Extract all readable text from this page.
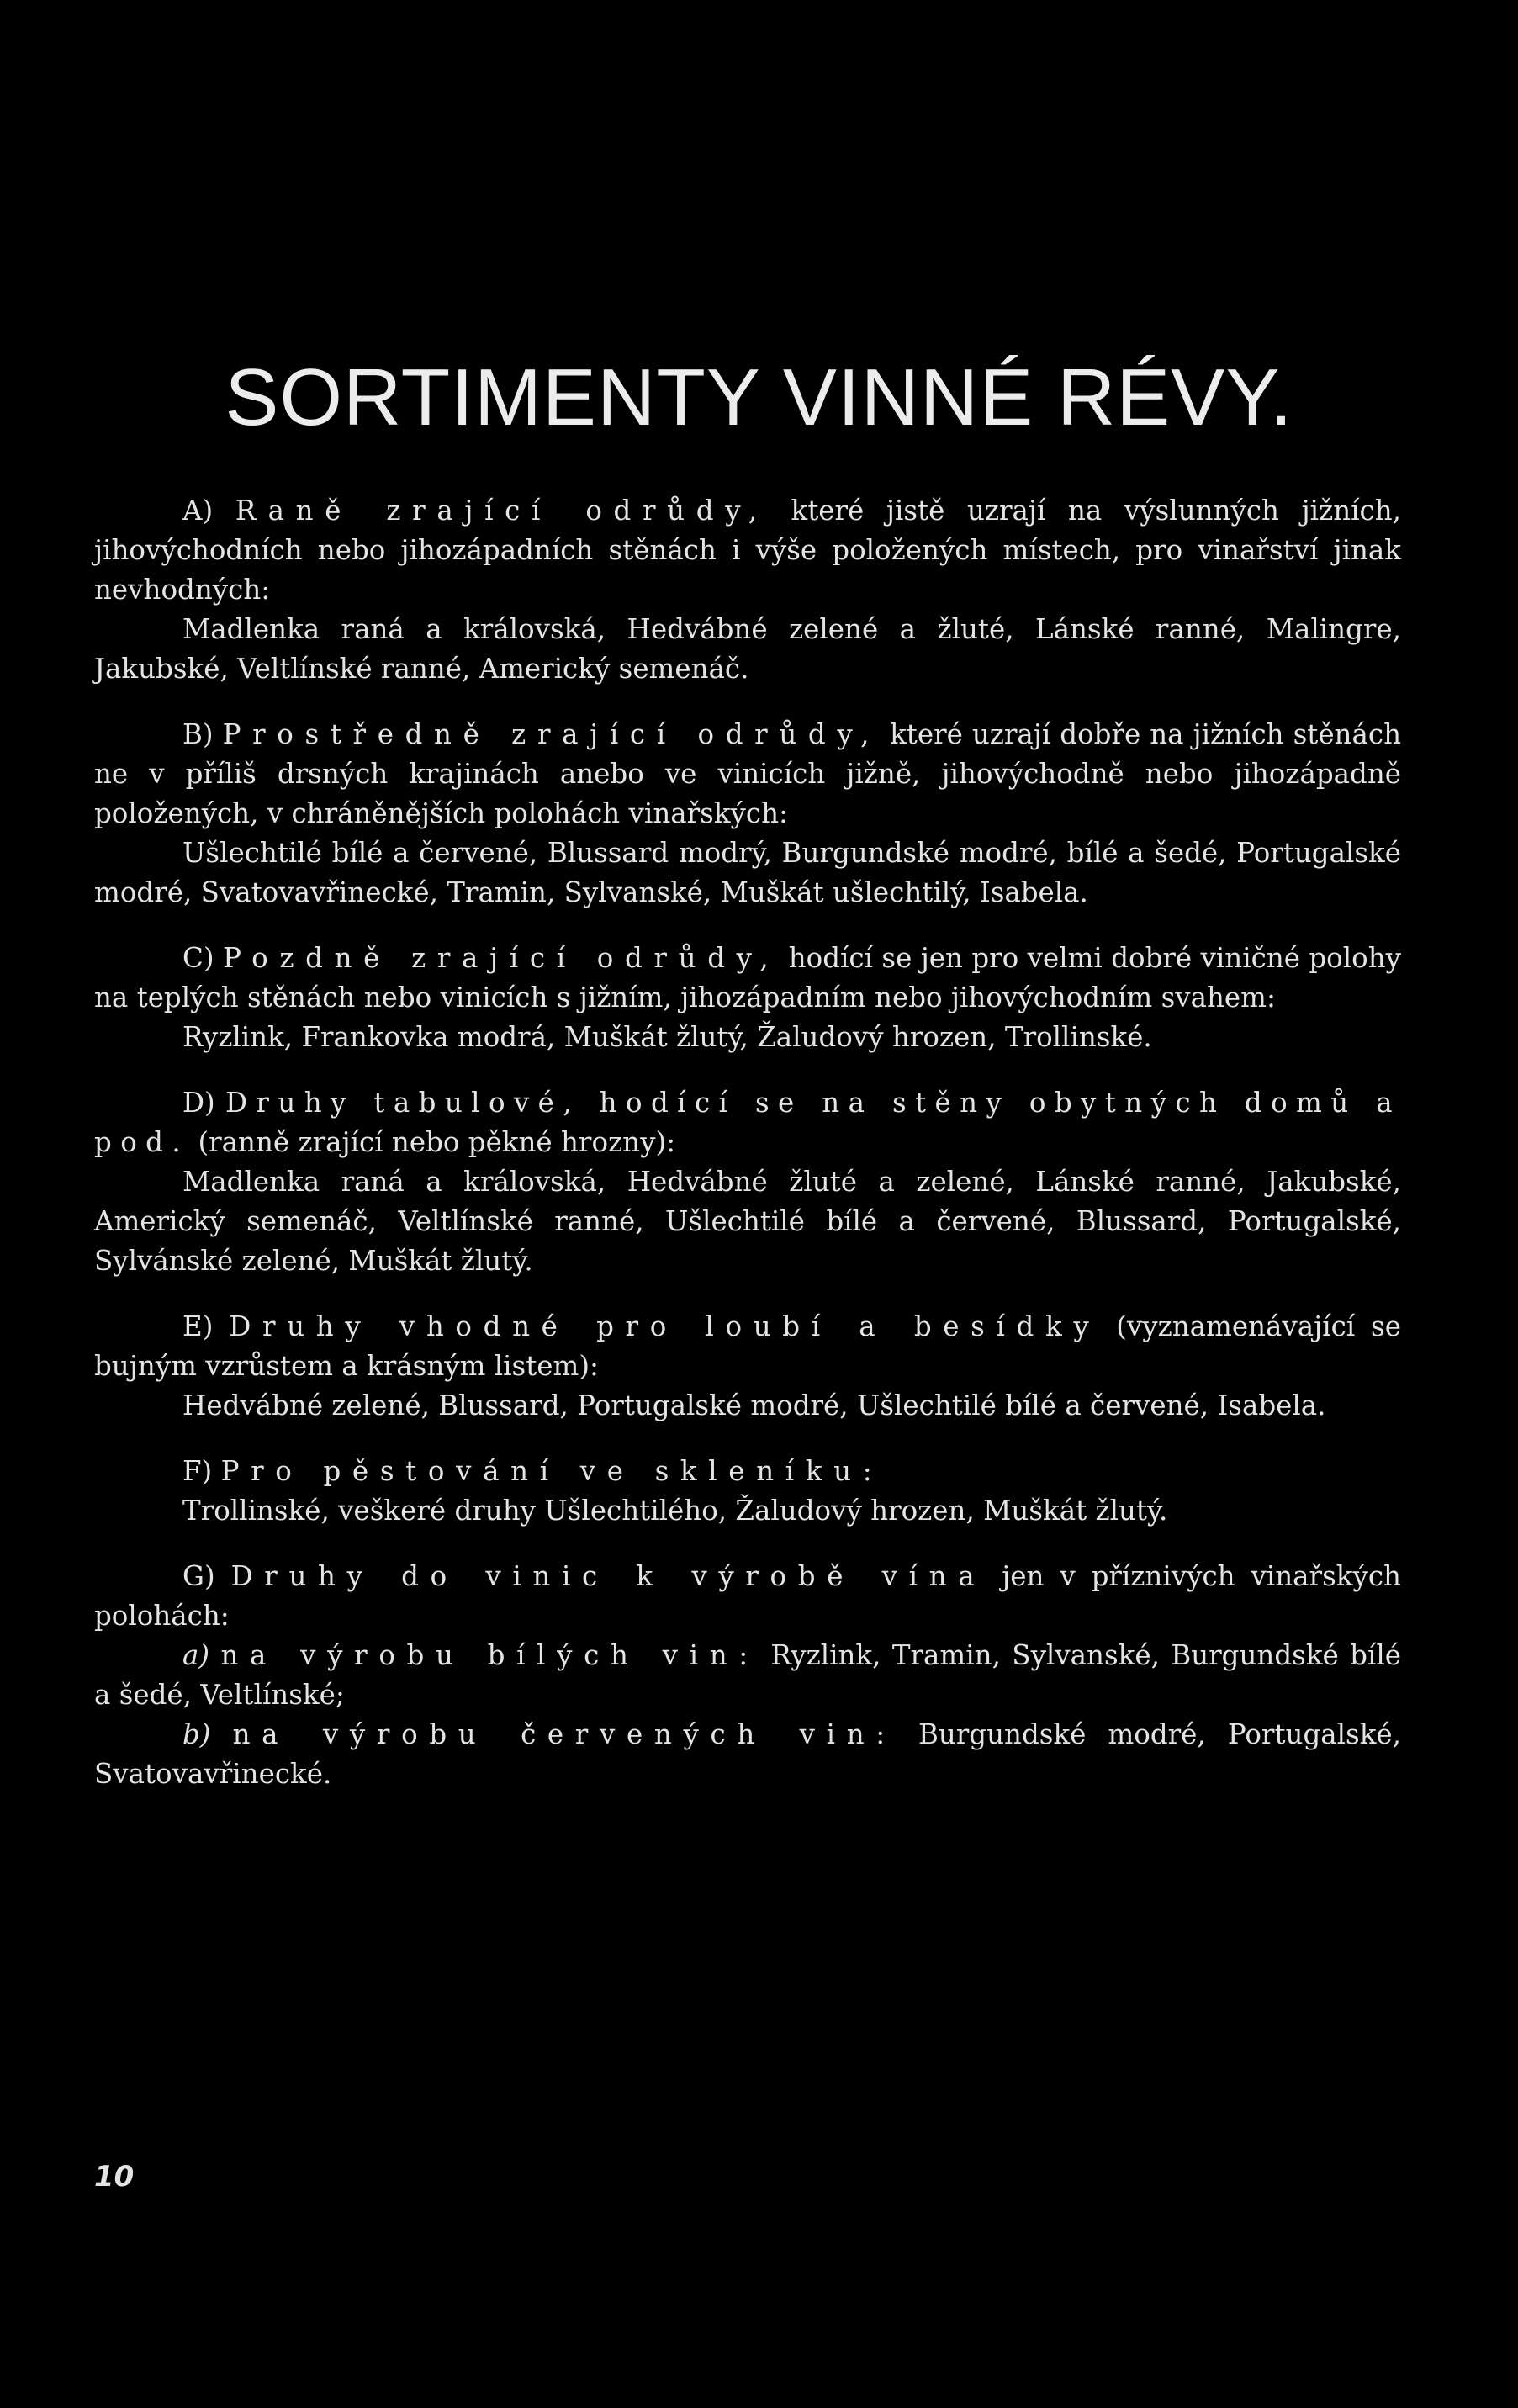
SORTIMENTY VINNÉ RÉVY.

A) Raně zrající odrůdy, které jistě uzrají na výslunných jižních, jihovýchodních nebo jihozápadních stěnách i výše položených místech, pro vinařství jinak nevhodných:

Madlenka raná a královská, Hedvábné zelené a žluté, Lánské ranné, Malingre, Jakubské, Veltlínské ranné, Americký semenáč.

B) Prostředně zrající odrůdy, které uzrají dobře na jižních stěnách ne v příliš drsných krajinách anebo ve vinicích jižně, jihovýchodně nebo jihozápadně položených, v chráněnějších polohách vinařských:

Ušlechtilé bílé a červené, Blussard modrý, Burgundské modré, bílé a šedé, Portugalské modré, Svatovavřinecké, Tramin, Sylvanské, Muškát ušlechtilý, Isabela.

C) Pozdně zrající odrůdy, hodící se jen pro velmi dobré viničné polohy na teplých stěnách nebo vinicích s jižním, jihozápadním nebo jihovýchodním svahem:

Ryzlink, Frankovka modrá, Muškát žlutý, Žaludový hrozen, Trollinské.

D) Druhy tabulové, hodící se na stěny obytných domů a pod. (ranně zrající nebo pěkné hrozny):

Madlenka raná a královská, Hedvábné žluté a zelené, Lánské ranné, Jakubské, Americký semenáč, Veltlínské ranné, Ušlechtilé bílé a červené, Blussard, Portugalské, Sylvánské zelené, Muškát žlutý.

E) Druhy vhodné pro loubí a besídky (vyznamenávající se bujným vzrůstem a krásným listem):

Hedvábné zelené, Blussard, Portugalské modré, Ušlechtilé bílé a červené, Isabela.

F) Pro pěstování ve skleníku:

Trollinské, veškeré druhy Ušlechtilého, Žaludový hrozen, Muškát žlutý.

G) Druhy do vinic k výrobě vína jen v příznivých vinařských polohách:

a) na výrobu bílých vin: Ryzlink, Tramin, Sylvanské, Burgundské bílé a šedé, Veltlínské;

b) na výrobu červených vin: Burgundské modré, Portugalské, Svatovavřinecké.

10
